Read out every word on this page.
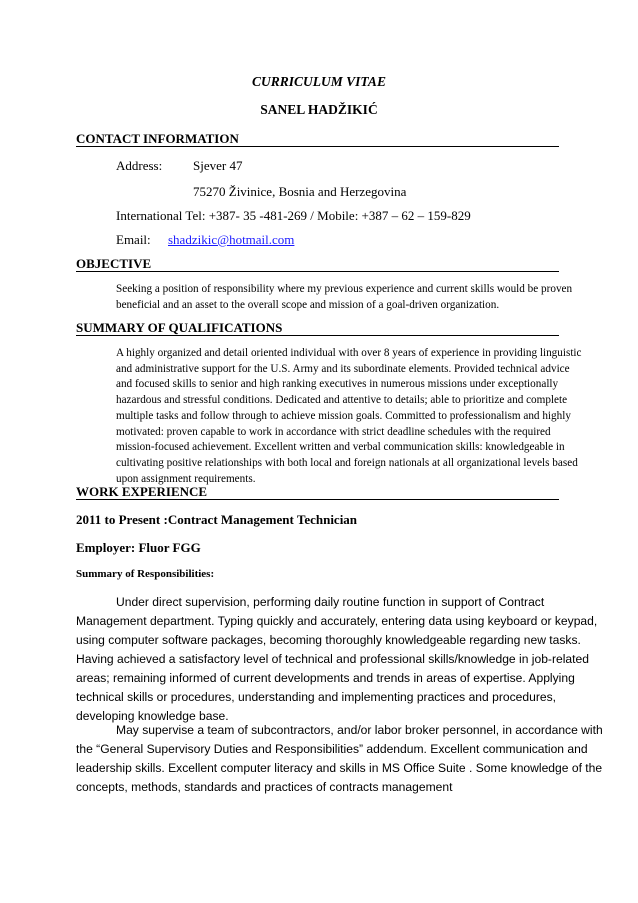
CURRICULUM VITAE
SANEL HADŽIKIĆ
CONTACT INFORMATION
Address: Sjever 47
75270 Živinice, Bosnia and Herzegovina
International Tel: +387- 35 -481-269 / Mobile: +387 – 62 – 159-829
Email: shadzikic@hotmail.com
OBJECTIVE
Seeking a position of responsibility where my previous experience and current skills would be proven
beneficial and an asset to the overall scope and mission of a goal-driven organization.
SUMMARY OF QUALIFICATIONS
A highly organized and detail oriented individual with over 8 years of experience in providing linguistic
and administrative support for the U.S. Army and its subordinate elements. Provided technical advice
and focused skills to senior and high ranking executives in numerous missions under exceptionally
hazardous and stressful conditions. Dedicated and attentive to details; able to prioritize and complete
multiple tasks and follow through to achieve mission goals. Committed to professionalism and highly
motivated: proven capable to work in accordance with strict deadline schedules with the required
mission-focused achievement. Excellent written and verbal communication skills: knowledgeable in
cultivating positive relationships with both local and foreign nationals at all organizational levels based
upon assignment requirements.
WORK EXPERIENCE
2011 to Present :Contract Management Technician
Employer: Fluor FGG
Summary of Responsibilities:
Under direct supervision, performing daily routine function in support of Contract
Management department. Typing quickly and accurately, entering data using keyboard or keypad,
using computer software packages, becoming thoroughly knowledgeable regarding new tasks.
Having achieved a satisfactory level of technical and professional skills/knowledge in job-related
areas; remaining informed of current developments and trends in areas of expertise. Applying
technical skills or procedures, understanding and implementing practices and procedures,
developing knowledge base.
May supervise a team of subcontractors, and/or labor broker personnel, in accordance with
the “General Supervisory Duties and Responsibilities” addendum. Excellent communication and
leadership skills. Excellent computer literacy and skills in MS Office Suite . Some knowledge of the
concepts, methods, standards and practices of contracts management
